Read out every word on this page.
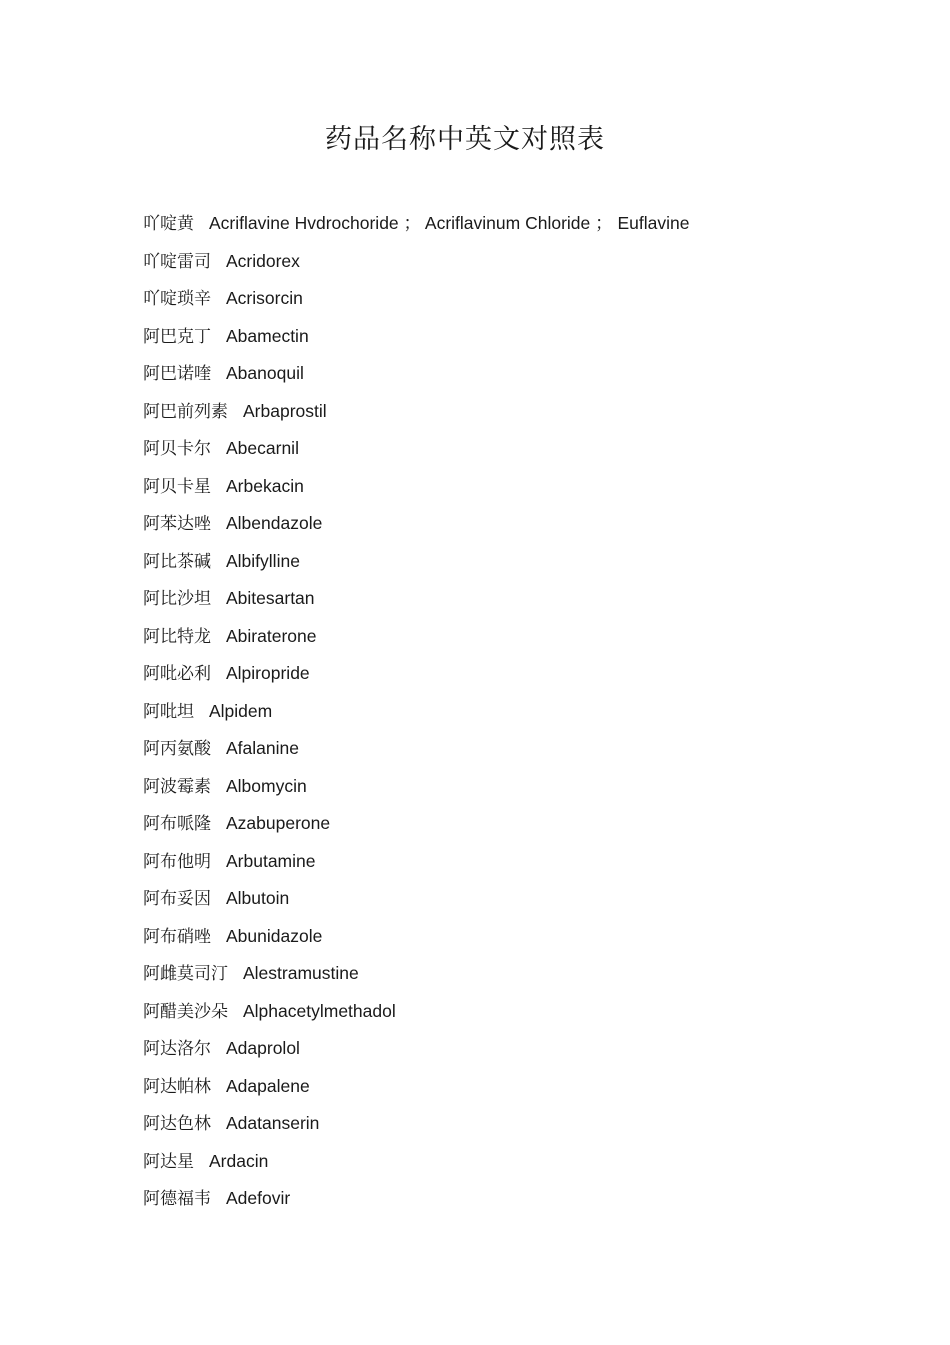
药品名称中英文对照表
吖啶黄 Acriflavine Hvdrochoride ； Acriflavinum Chloride ； Euflavine
吖啶雷司 Acridorex
吖啶琐辛 Acrisorcin
阿巴克丁 Abamectin
阿巴诺喹 Abanoquil
阿巴前列素 Arbaprostil
阿贝卡尔 Abecarnil
阿贝卡星 Arbekacin
阿苯达唑 Albendazole
阿比茶碱 Albifylline
阿比沙坦 Abitesartan
阿比特龙 Abiraterone
阿吡必利 Alpiropride
阿吡坦 Alpidem
阿丙氨酸 Afalanine
阿波霉素 Albomycin
阿布哌隆 Azabuperone
阿布他明 Arbutamine
阿布妥因 Albutoin
阿布硝唑 Abunidazole
阿雌莫司汀 Alestramustine
阿醋美沙朵 Alphacetylmethadol
阿达洛尔 Adaprolol
阿达帕林 Adapalene
阿达色林 Adatanserin
阿达星 Ardacin
阿德福韦 Adefovir
